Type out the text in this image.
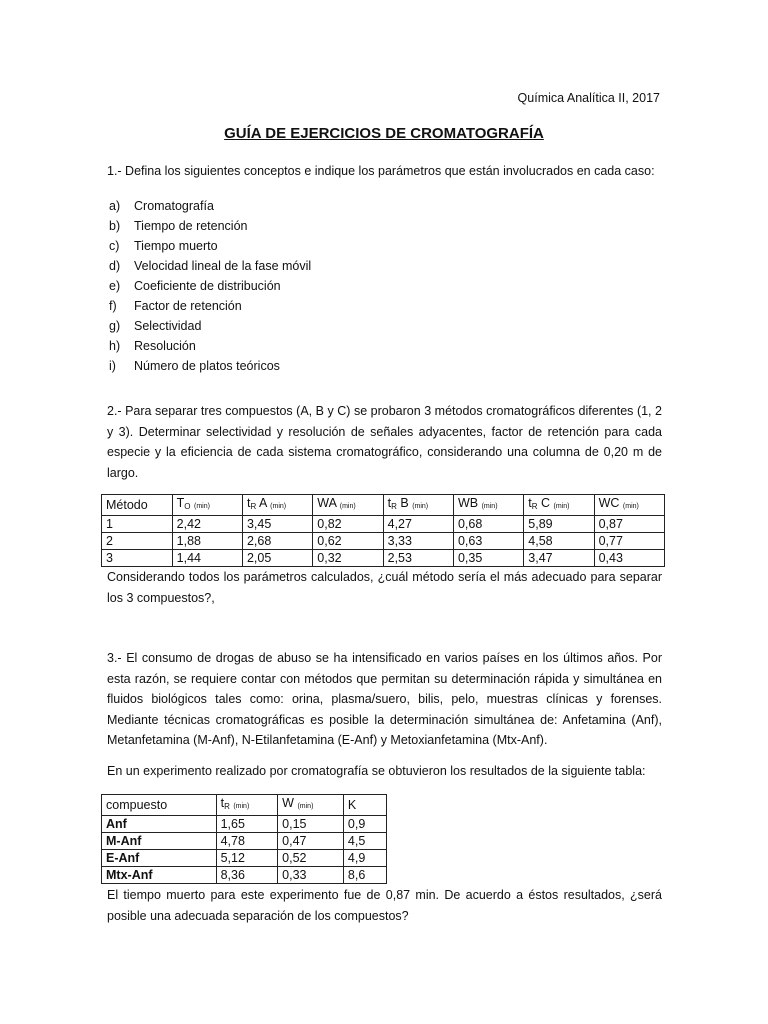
Química Analítica II, 2017

GUÍA DE EJERCICIOS DE CROMATOGRAFÍA

1.- Defina los siguientes conceptos e indique los parámetros que están involucrados en cada caso:

a) Cromatografía
b) Tiempo de retención
c) Tiempo muerto
d) Velocidad lineal de la fase móvil
e) Coeficiente de distribución
f) Factor de retención
g) Selectividad
h) Resolución
i) Número de platos teóricos

2.- Para separar tres compuestos (A, B y C) se probaron 3 métodos cromatográficos diferentes (1, 2 y 3). Determinar selectividad y resolución de señales adyacentes, factor de retención para cada especie y la eficiencia de cada sistema cromatográfico, considerando una columna de 0,20 m de largo.

Método	TO (min)	tR A (min)	WA (min)	tR B (min)	WB (min)	tR C (min)	WC (min)
1	2,42	3,45	0,82	4,27	0,68	5,89	0,87
2	1,88	2,68	0,62	3,33	0,63	4,58	0,77
3	1,44	2,05	0,32	2,53	0,35	3,47	0,43

Considerando todos los parámetros calculados, ¿cuál método sería el más adecuado para separar los 3 compuestos?,

3.- El consumo de drogas de abuso se ha intensificado en varios países en los últimos años. Por esta razón, se requiere contar con métodos que permitan su determinación rápida y simultánea en fluidos biológicos tales como: orina, plasma/suero, bilis, pelo, muestras clínicas y forenses. Mediante técnicas cromatográficas es posible la determinación simultánea de: Anfetamina (Anf), Metanfetamina (M-Anf), N-Etilanfetamina (E-Anf) y Metoxianfetamina (Mtx-Anf).

En un experimento realizado por cromatografía se obtuvieron los resultados de la siguiente tabla:

compuesto	tR (min)	W (min)	K
Anf	1,65	0,15	0,9
M-Anf	4,78	0,47	4,5
E-Anf	5,12	0,52	4,9
Mtx-Anf	8,36	0,33	8,6

El tiempo muerto para este experimento fue de 0,87 min. De acuerdo a éstos resultados, ¿será posible una adecuada separación de los compuestos?
